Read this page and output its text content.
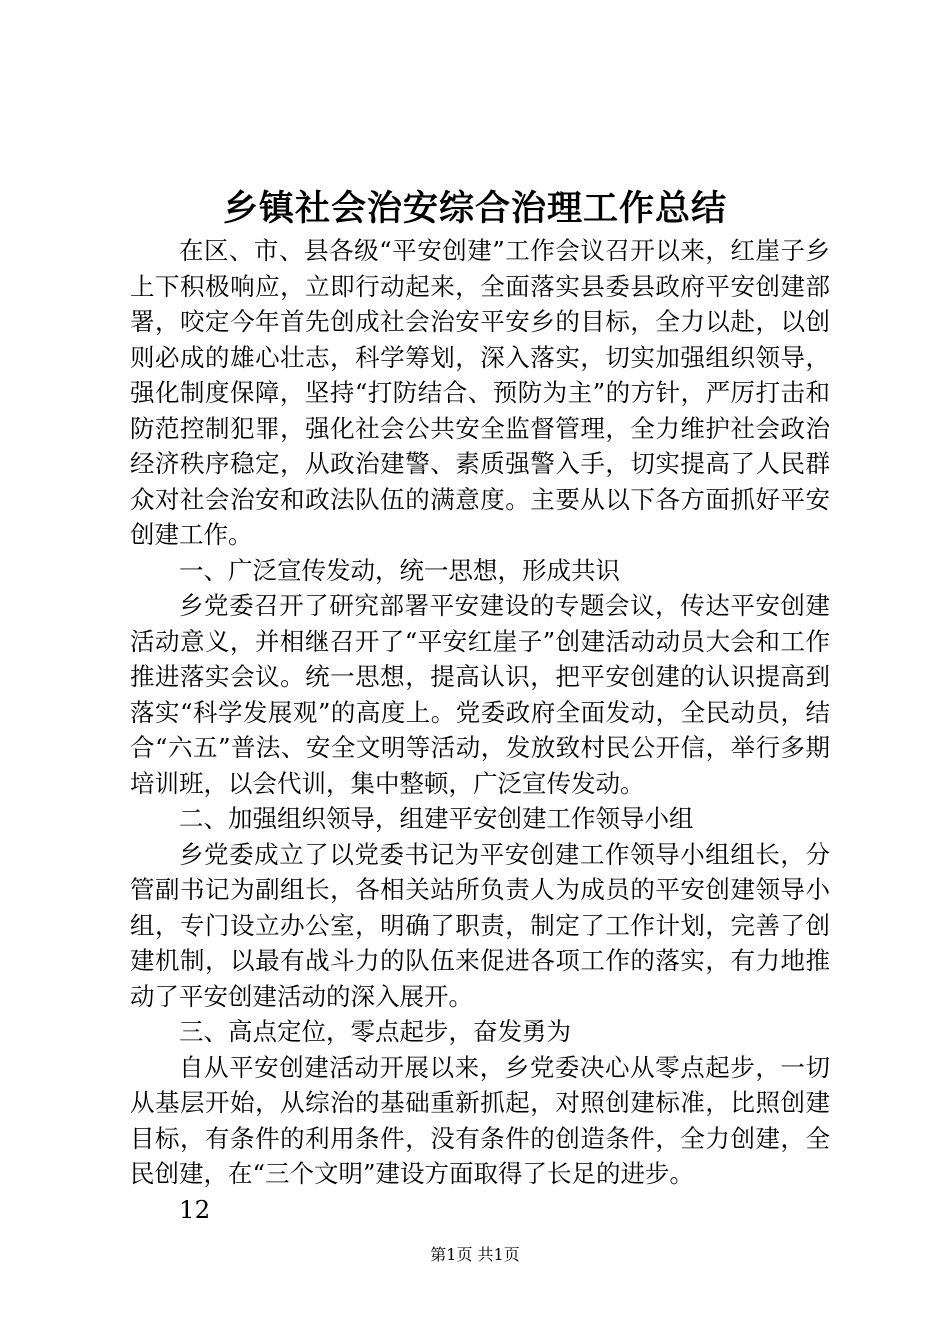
乡镇社会治安综合治理工作总结

在区、市、县各级“平安创建”工作会议召开以来，红崖子乡上下积极响应，立即行动起来，全面落实县委县政府平安创建部署，咬定今年首先创成社会治安平安乡的目标，全力以赴，以创则必成的雄心壮志，科学筹划，深入落实，切实加强组织领导，强化制度保障，坚持“打防结合、预防为主”的方针，严厉打击和防范控制犯罪，强化社会公共安全监督管理，全力维护社会政治经济秩序稳定，从政治建警、素质强警入手，切实提高了人民群众对社会治安和政法队伍的满意度。主要从以下各方面抓好平安创建工作。

一、广泛宣传发动，统一思想，形成共识

乡党委召开了研究部署平安建设的专题会议，传达平安创建活动意义，并相继召开了“平安红崖子”创建活动动员大会和工作推进落实会议。统一思想，提高认识，把平安创建的认识提高到落实“科学发展观”的高度上。党委政府全面发动，全民动员，结合“六五”普法、安全文明等活动，发放致村民公开信，举行多期培训班，以会代训，集中整顿，广泛宣传发动。

二、加强组织领导，组建平安创建工作领导小组

乡党委成立了以党委书记为平安创建工作领导小组组长，分管副书记为副组长，各相关站所负责人为成员的平安创建领导小组，专门设立办公室，明确了职责，制定了工作计划，完善了创建机制，以最有战斗力的队伍来促进各项工作的落实，有力地推动了平安创建活动的深入展开。

三、高点定位，零点起步，奋发勇为

自从平安创建活动开展以来，乡党委决心从零点起步，一切从基层开始，从综治的基础重新抓起，对照创建标准，比照创建目标，有条件的利用条件，没有条件的创造条件，全力创建，全民创建，在“三个文明”建设方面取得了长足的进步。

12

第1页 共1页
